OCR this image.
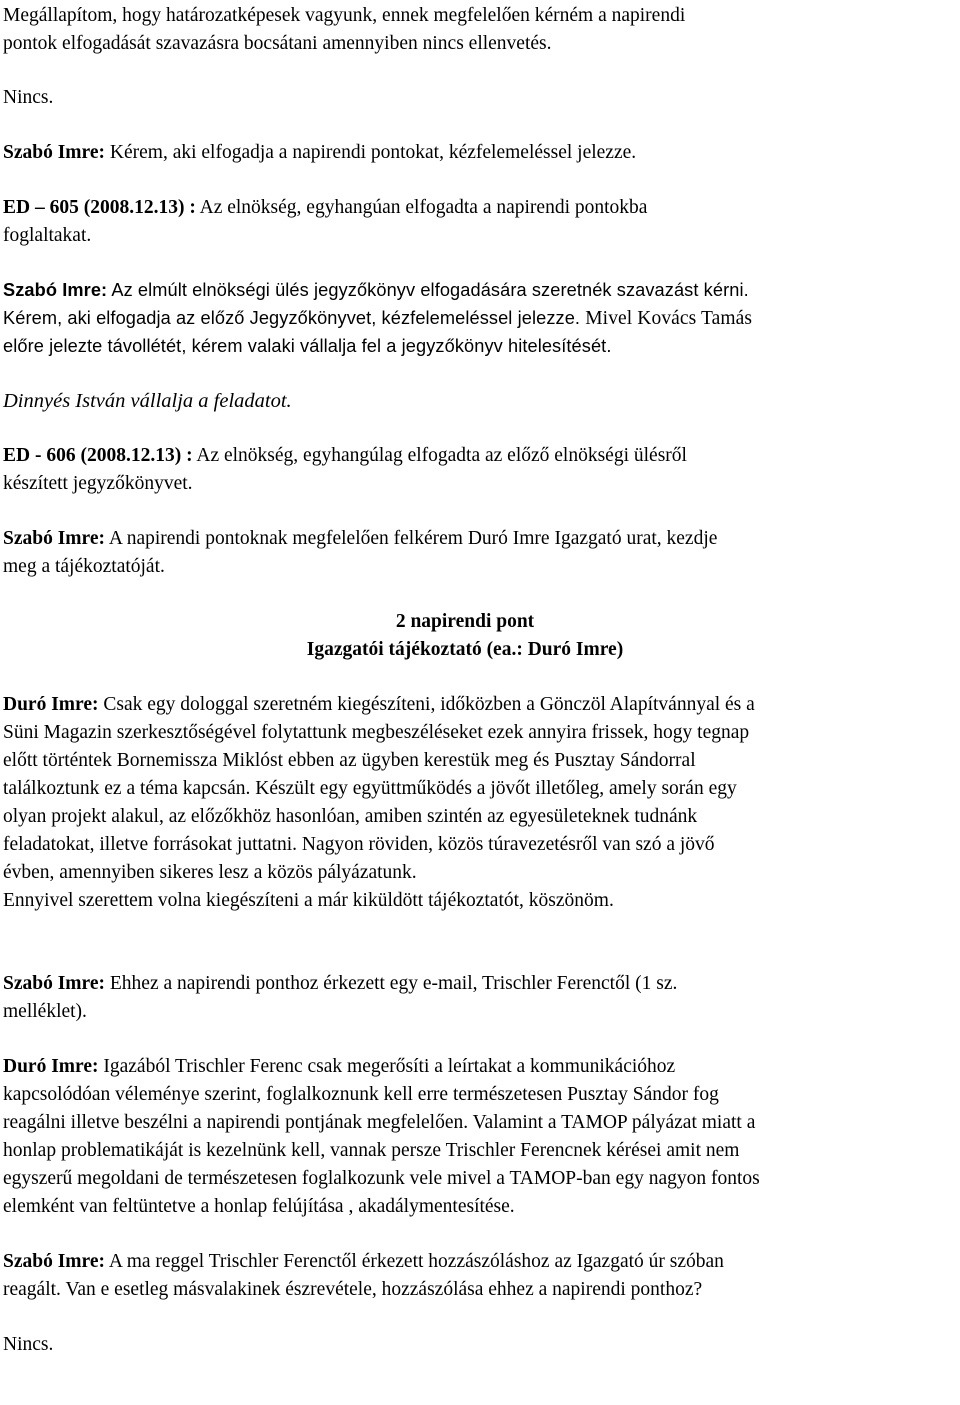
Megállapítom, hogy határozatképesek vagyunk, ennek megfelelően kérném a napirendi
pontok elfogadását szavazásra bocsátani amennyiben nincs ellenvetés.
Nincs.
Szabó Imre: Kérem, aki elfogadja a napirendi pontokat, kézfelemeléssel jelezze.
ED – 605 (2008.12.13) : Az elnökség, egyhangúan elfogadta a napirendi pontokba
foglaltakat.
Szabó Imre: Az elmúlt elnökségi ülés jegyzőkönyv elfogadására szeretnék szavazást kérni.
Kérem, aki elfogadja az előző Jegyzőkönyvet, kézfelemeléssel jelezze. Mivel Kovács Tamás
előre jelezte távollétét, kérem valaki vállalja fel a jegyzőkönyv hitelesítését.
Dinnyés István vállalja a feladatot.
ED - 606 (2008.12.13) : Az elnökség, egyhangúlag elfogadta az előző elnökségi ülésről
készített jegyzőkönyvet.
Szabó Imre: A napirendi pontoknak megfelelően felkérem Duró Imre Igazgató urat, kezdje
meg a tájékoztatóját.
2 napirendi pont
Igazgatói tájékoztató (ea.: Duró Imre)
Duró Imre: Csak egy dologgal szeretném kiegészíteni, időközben a Gönczöl Alapítvánnyal és a
Süni Magazin szerkesztőségével folytattunk megbeszéléseket ezek annyira frissek, hogy tegnap
előtt történtek Bornemissza Miklóst ebben az ügyben kerestük meg és Pusztay Sándorral
találkoztunk ez a téma kapcsán. Készült egy együttműködés a jövőt illetőleg, amely során egy
olyan projekt alakul, az előzőkhöz hasonlóan, amiben szintén az egyesületeknek tudnánk
feladatokat, illetve forrásokat juttatni. Nagyon röviden, közös túravezetésről van szó a jövő
évben, amennyiben sikeres lesz a közös pályázatunk.
Ennyivel szerettem volna kiegészíteni a már kiküldött tájékoztatót, köszönöm.
Szabó Imre: Ehhez a napirendi ponthoz érkezett egy e-mail, Trischler Ferenctől (1 sz.
melléklet).
Duró Imre: Igazából Trischler Ferenc csak megerősíti a leírtakat a kommunikációhoz
kapcsolódóan véleménye szerint, foglalkoznunk kell erre természetesen Pusztay Sándor fog
reagálni illetve beszélni a napirendi pontjának megfelelően. Valamint a TAMOP pályázat miatt a
honlap problematikáját is kezelnünk kell, vannak persze Trischler Ferencnek kérései amit nem
egyszerű megoldani de természetesen foglalkozunk vele mivel a TAMOP-ban egy nagyon fontos
elemként van feltüntetve a honlap felújítása , akadálymentesítése.
Szabó Imre: A ma reggel Trischler Ferenctől érkezett hozzászóláshoz az Igazgató úr szóban
reagált. Van e esetleg másvalakinek észrevétele, hozzászólása ehhez a napirendi ponthoz?
Nincs.
